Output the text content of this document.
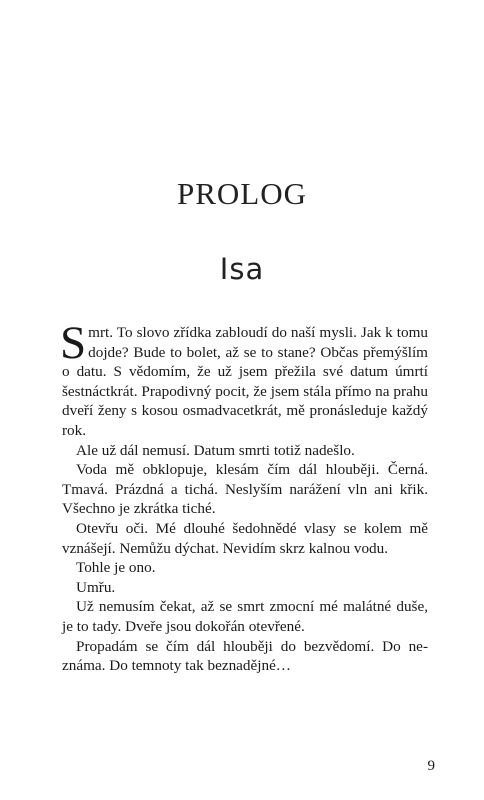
PROLOG
Isa

Smrt. To slovo zřídka zabloudí do naší mysli. Jak k tomu dojde? Bude to bolet, až se to stane? Občas přemýšlím o datu. S vědomím, že už jsem přežila své datum úmrtí šestnáctkrát. Prapodivný pocit, že jsem stála přímo na prahu dveří ženy s kosou osmadvacetkrát, mě pronásleduje každý rok.

Ale už dál nemusí. Datum smrti totiž nadešlo.

Voda mě obklopuje, klesám čím dál hlouběji. Černá. Tmavá. Prázdná a tichá. Neslyším narážení vln ani křik. Všechno je zkrátka tiché.

Otevřu oči. Mé dlouhé šedohnědé vlasy se kolem mě vznášejí. Nemůžu dýchat. Nevidím skrz kalnou vodu.

Tohle je ono.

Umřu.

Už nemusím čekat, až se smrt zmocní mé malátné duše, je to tady. Dveře jsou dokořán otevřené.

Propadám se čím dál hlouběji do bezvědomí. Do neznáma. Do temnoty tak beznadějné…

9
